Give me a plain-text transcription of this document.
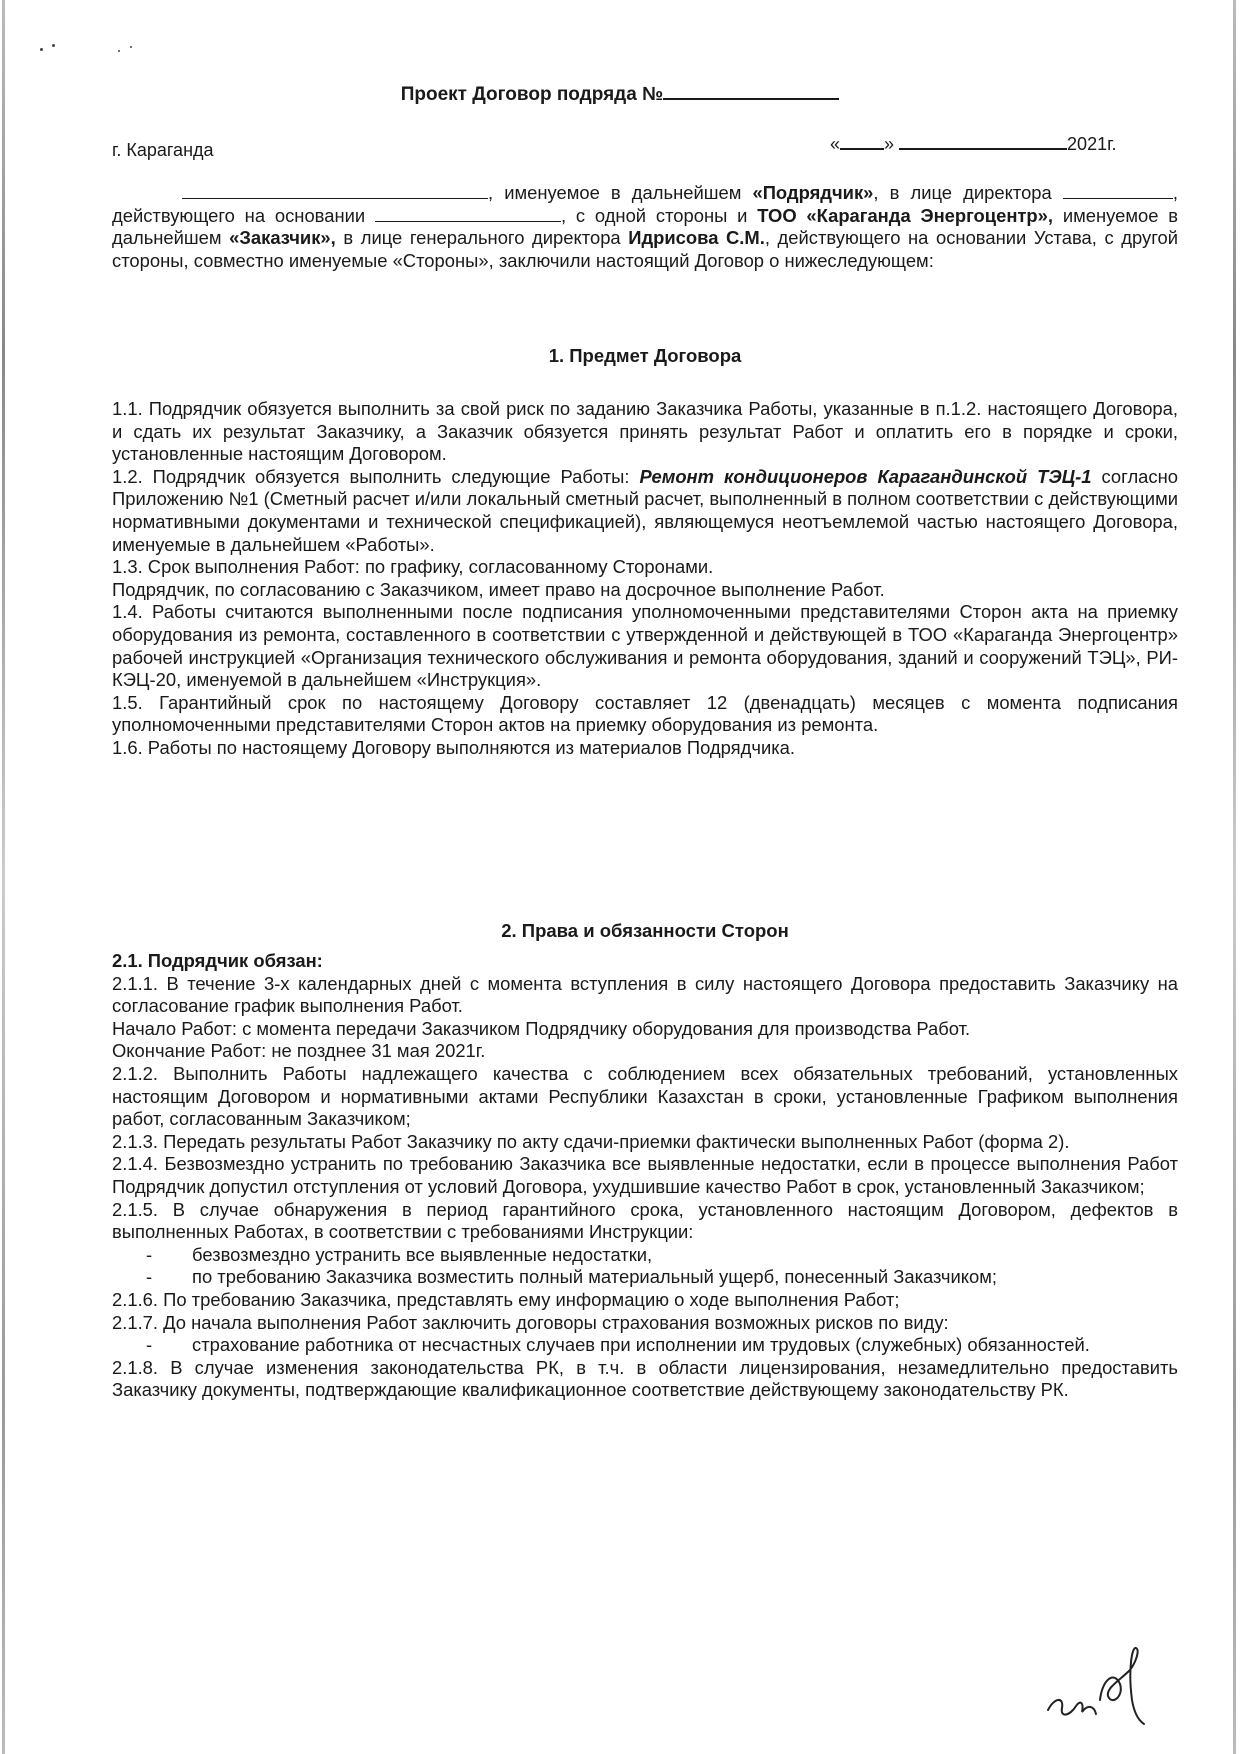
Проект Договор подряда №
г. Караганда	« »	2021г.

, именуемое в дальнейшем «Подрядчик», в лице директора	, действующего на основании	, с одной стороны и ТОО «Караганда Энергоцентр», именуемое в дальнейшем «Заказчик», в лице генерального директора Идрисова С.М., действующего на основании Устава, с другой стороны, совместно именуемые «Стороны», заключили настоящий Договор о нижеследующем:

1. Предмет Договора

1.1. Подрядчик обязуется выполнить за свой риск по заданию Заказчика Работы, указанные в п.1.2. настоящего Договора, и сдать их результат Заказчику, а Заказчик обязуется принять результат Работ и оплатить его в порядке и сроки, установленные настоящим Договором.

1.2. Подрядчик обязуется выполнить следующие Работы: Ремонт кондиционеров Карагандинской ТЭЦ-1 согласно Приложению №1 (Сметный расчет и/или локальный сметный расчет, выполненный в полном соответствии с действующими нормативными документами и технической спецификацией), являющемуся неотъемлемой частью настоящего Договора, именуемые в дальнейшем «Работы».

1.3. Срок выполнения Работ: по графику, согласованному Сторонами.

Подрядчик, по согласованию с Заказчиком, имеет право на досрочное выполнение Работ.

1.4. Работы считаются выполненными после подписания уполномоченными представителями Сторон акта на приемку оборудования из ремонта, составленного в соответствии с утвержденной и действующей в ТОО «Караганда Энергоцентр» рабочей инструкцией «Организация технического обслуживания и ремонта оборудования, зданий и сооружений ТЭЦ», РИ-КЭЦ-20, именуемой в дальнейшем «Инструкция».

1.5. Гарантийный срок по настоящему Договору составляет 12 (двенадцать) месяцев с момента подписания уполномоченными представителями Сторон актов на приемку оборудования из ремонта.

1.6. Работы по настоящему Договору выполняются из материалов Подрядчика.

2. Права и обязанности Сторон

2.1. Подрядчик обязан:

2.1.1. В течение 3-х календарных дней с момента вступления в силу настоящего Договора предоставить Заказчику на согласование график выполнения Работ.

Начало Работ: с момента передачи Заказчиком Подрядчику оборудования для производства Работ.

Окончание Работ: не позднее 31 мая 2021г.

2.1.2. Выполнить Работы надлежащего качества с соблюдением всех обязательных требований, установленных настоящим Договором и нормативными актами Республики Казахстан в сроки, установленные Графиком выполнения работ, согласованным Заказчиком;

2.1.3. Передать результаты Работ Заказчику по акту сдачи-приемки фактически выполненных Работ (форма 2).

2.1.4. Безвозмездно устранить по требованию Заказчика все выявленные недостатки, если в процессе выполнения Работ Подрядчик допустил отступления от условий Договора, ухудшившие качество Работ в срок, установленный Заказчиком;

2.1.5. В случае обнаружения в период гарантийного срока, установленного настоящим Договором, дефектов в выполненных Работах, в соответствии с требованиями Инструкции:

- безвозмездно устранить все выявленные недостатки,

- по требованию Заказчика возместить полный материальный ущерб, понесенный Заказчиком;

2.1.6. По требованию Заказчика, представлять ему информацию о ходе выполнения Работ;

2.1.7. До начала выполнения Работ заключить договоры страхования возможных рисков по виду:

- страхование работника от несчастных случаев при исполнении им трудовых (служебных) обязанностей.

2.1.8. В случае изменения законодательства РК, в т.ч. в области лицензирования, незамедлительно предоставить Заказчику документы, подтверждающие квалификационное соответствие действующему законодательству РК.
